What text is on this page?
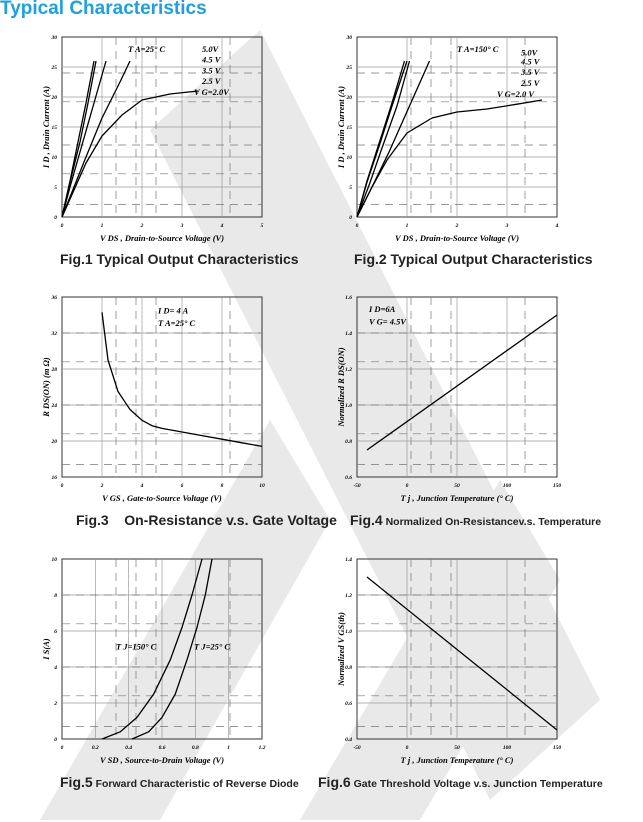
Typical Characteristics
0	1	2	3	4	5
0
5
10
15
20
25
30
V DS , Drain-to-Source Voltage (V)
I D , Drain Current (A)
T A=25° C	5.0V
4.5 V
3.5 V
2.5 V
V G=2.0V
0	1	2	3	4
0
5
10
15
20
25
30
V DS , Drain-to-Source Voltage (V)
I D , Drain Current (A)
T A=150° C	5.0V
4.5 V
3.5 V
2.5 V
V G=2.0 V
0	2	4	6	8	10
16
20
24
28
32
36
V GS , Gate-to-Source Voltage (V)
R DS(ON) (m Ω)
I D= 4 A
T A=25° C
-50	0	50	100	150
0.6
0.8
1.0
1.2
1.4
1.6
T j , Junction Temperature (° C)
Normalized R DS(ON)
I D=6A
V G= 4.5V
0	0.2	0.4	0.6	0.8	1	1.2
0
2
4
6
8
10
V SD , Source-to-Drain Voltage (V)
I S(A)	T J=150° C	T J=25° C
-50	0	50	100	150
0.4
0.6
0.8
1.0
1.2
1.4
T j , Junction Temperature (° C)
Normalized V GS(th)
Fig.1 Typical Output Characteristics	Fig.2 Typical Output Characteristics
Fig.3    On-Resistance v.s. Gate Voltage Fig.4 Normalized On-Resistancev.s. Temperature
Fig.5 Forward Characteristic of Reverse Diode Fig.6 Gate Threshold Voltage v.s. Junction Temperature
